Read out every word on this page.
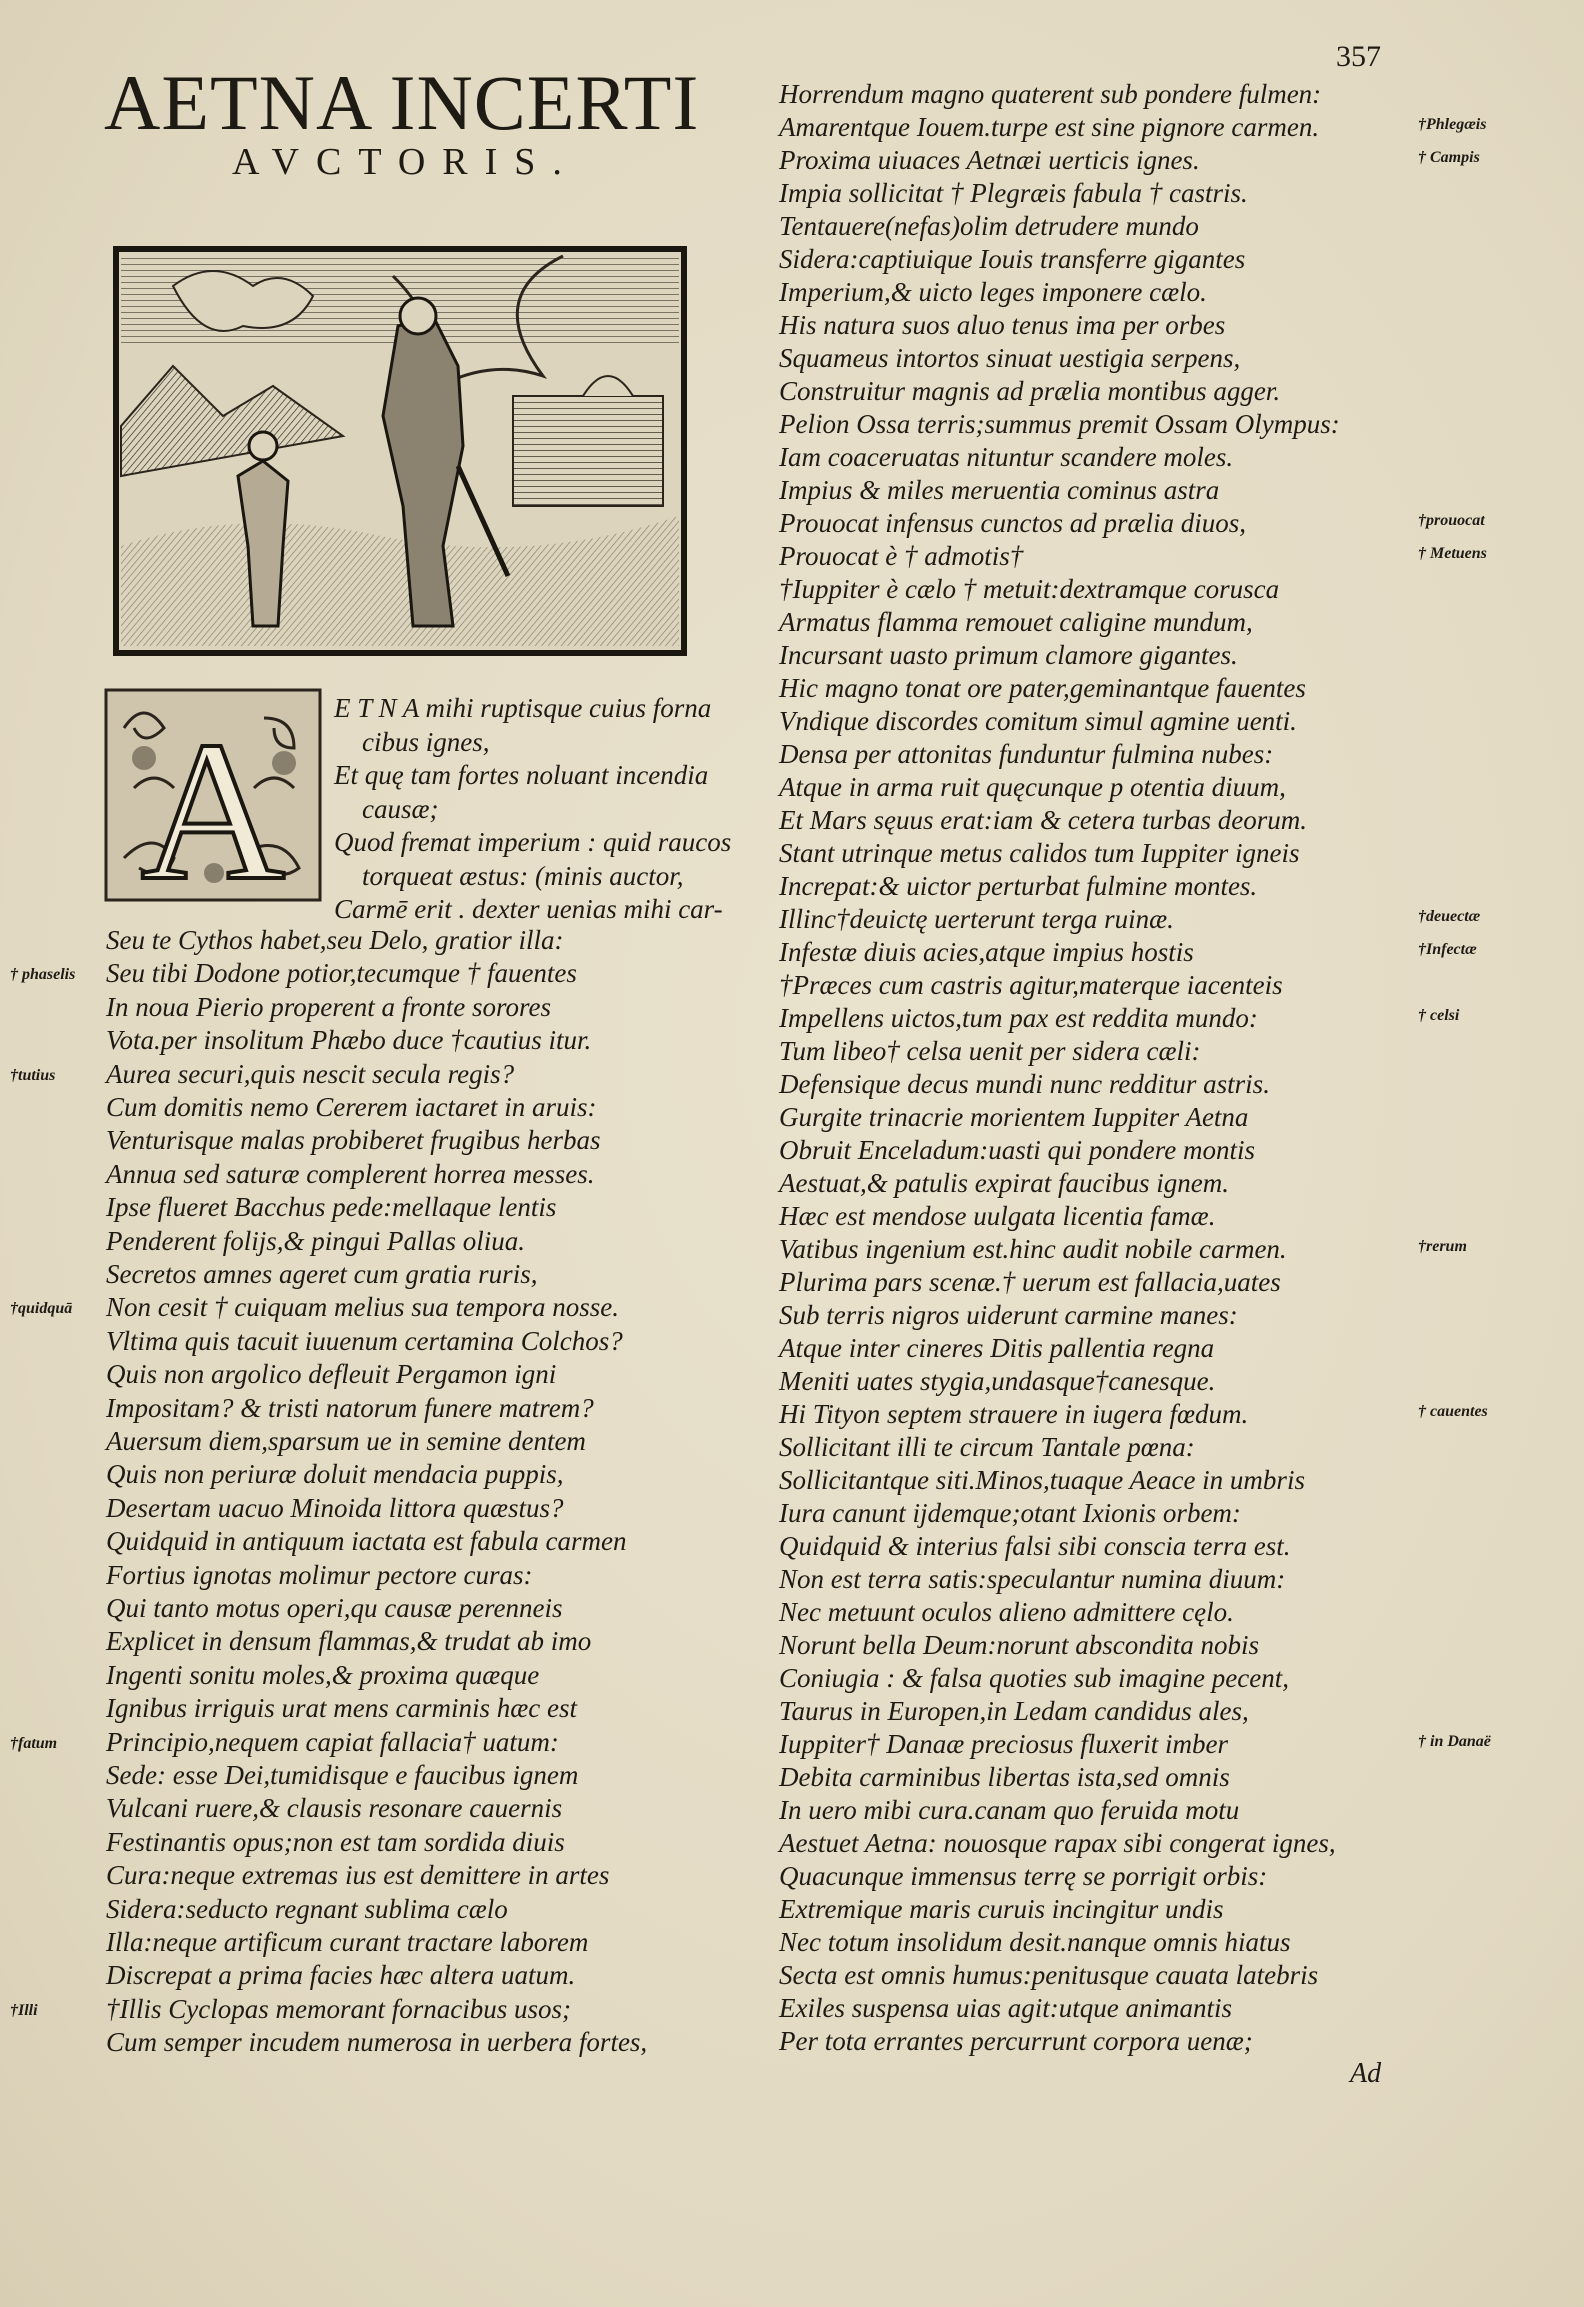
357
AETNA INCERTI
AVCTORIS.
A E T N A mihi ruptisque cuius forna
cibus ignes,
Et quę tam fortes noluant incendia
causæ;
Quod fremat imperium : quid raucos
torqueat æstus: (minis auctor,
Carmē erit . dexter uenias mihi car-
Seu te Cythos habet,seu Delo, gratior illa:
Seu tibi Dodone potior,tecumque † fauentes
† phaselis
In noua Pierio properent a fronte sorores
Vota.per insolitum Phæbo duce †cautius itur.
Aurea securi,quis nescit secula regis?
†tutius
Cum domitis nemo Cererem iactaret in aruis:
Venturisque malas probiberet frugibus herbas
Annua sed saturæ complerent horrea messes.
Ipse flueret Bacchus pede:mellaque lentis
Penderent folijs,& pingui Pallas oliua.
Secretos amnes ageret cum gratia ruris,
Non cesit † cuiquam melius sua tempora nosse.
†quidquā
Vltima quis tacuit iuuenum certamina Colchos?
Quis non argolico defleuit Pergamon igni
Impositam? & tristi natorum funere matrem?
Auersum diem,sparsum ue in semine dentem
Quis non periuræ doluit mendacia puppis,
Desertam uacuo Minoida littora quæstus?
Quidquid in antiquum iactata est fabula carmen
Fortius ignotas molimur pectore curas:
Qui tanto motus operi,qu causæ perenneis
Explicet in densum flammas,& trudat ab imo
Ingenti sonitu moles,& proxima quæque
Ignibus irriguis urat mens carminis hæc est
Principio,nequem capiat fallacia† uatum:
†fatum
Sede: esse Dei,tumidisque e faucibus ignem
Vulcani ruere,& clausis resonare cauernis
Festinantis opus;non est tam sordida diuis
Cura:neque extremas ius est demittere in artes
Sidera:seducto regnant sublima cælo
Illa:neque artificum curant tractare laborem
Discrepat a prima facies hæc altera uatum.
†Illis Cyclopas memorant fornacibus usos;
†Illi
Cum semper incudem numerosa in uerbera fortes,
Horrendum magno quaterent sub pondere fulmen:
Amarentque Iouem.turpe est sine pignore carmen.	†Phlegæis
Proxima uiuaces Aetnæi uerticis ignes.	† Campis
Impia sollicitat † Plegræis fabula † castris.
Tentauere(nefas)olim detrudere mundo
Sidera:captiuique Iouis transferre gigantes
Imperium,& uicto leges imponere cælo.
His natura suos aluo tenus ima per orbes
Squameus intortos sinuat uestigia serpens,
Construitur magnis ad prælia montibus agger.
Pelion Ossa terris;summus premit Ossam Olympus:
Iam coaceruatas nituntur scandere moles.
Impius & miles meruentia cominus astra
Prouocat infensus cunctos ad prælia diuos,	†prouocat
Prouocat è † admotis†	† Metuens
†Iuppiter è cælo † metuit:dextramque corusca
Armatus flamma remouet caligine mundum,
Incursant uasto primum clamore gigantes.
Hic magno tonat ore pater,geminantque fauentes
Vndique discordes comitum simul agmine uenti.
Densa per attonitas funduntur fulmina nubes:
Atque in arma ruit quęcunque p otentia diuum,
Et Mars sęuus erat:iam & cetera turbas deorum.
Stant utrinque metus calidos tum Iuppiter igneis
Increpat:& uictor perturbat fulmine montes.
Illinc†deuictę uerterunt terga ruinæ.	†deuectæ
Infestæ diuis acies,atque impius hostis	†Infectæ
†Præces cum castris agitur,materque iacenteis
Impellens uictos,tum pax est reddita mundo:	† celsi
Tum libeo† celsa uenit per sidera cæli:
Defensique decus mundi nunc redditur astris.
Gurgite trinacrie morientem Iuppiter Aetna
Obruit Enceladum:uasti qui pondere montis
Aestuat,& patulis expirat faucibus ignem.
Hæc est mendose uulgata licentia famæ.
Vatibus ingenium est.hinc audit nobile carmen.	†rerum
Plurima pars scenæ.† uerum est fallacia,uates
Sub terris nigros uiderunt carmine manes:
Atque inter cineres Ditis pallentia regna
Meniti uates stygia,undasque†canesque.
Hi Tityon septem strauere in iugera fœdum.	† cauentes
Sollicitant illi te circum Tantale pœna:
Sollicitantque siti.Minos,tuaque Aeace in umbris
Iura canunt ijdemque;otant Ixionis orbem:
Quidquid & interius falsi sibi conscia terra est.
Non est terra satis:speculantur numina diuum:
Nec metuunt oculos alieno admittere cęlo.
Norunt bella Deum:norunt abscondita nobis
Coniugia : & falsa quoties sub imagine pecent,
Taurus in Europen,in Ledam candidus ales,
Iuppiter† Danaæ preciosus fluxerit imber	† in Danaë
Debita carminibus libertas ista,sed omnis
In uero mibi cura.canam quo feruida motu
Aestuet Aetna: nouosque rapax sibi congerat ignes,
Quacunque immensus terrę se porrigit orbis:
Extremique maris curuis incingitur undis
Nec totum insolidum desit.nanque omnis hiatus
Secta est omnis humus:penitusque cauata latebris
Exiles suspensa uias agit:utque animantis
Per tota errantes percurrunt corpora uenæ;
Ad
